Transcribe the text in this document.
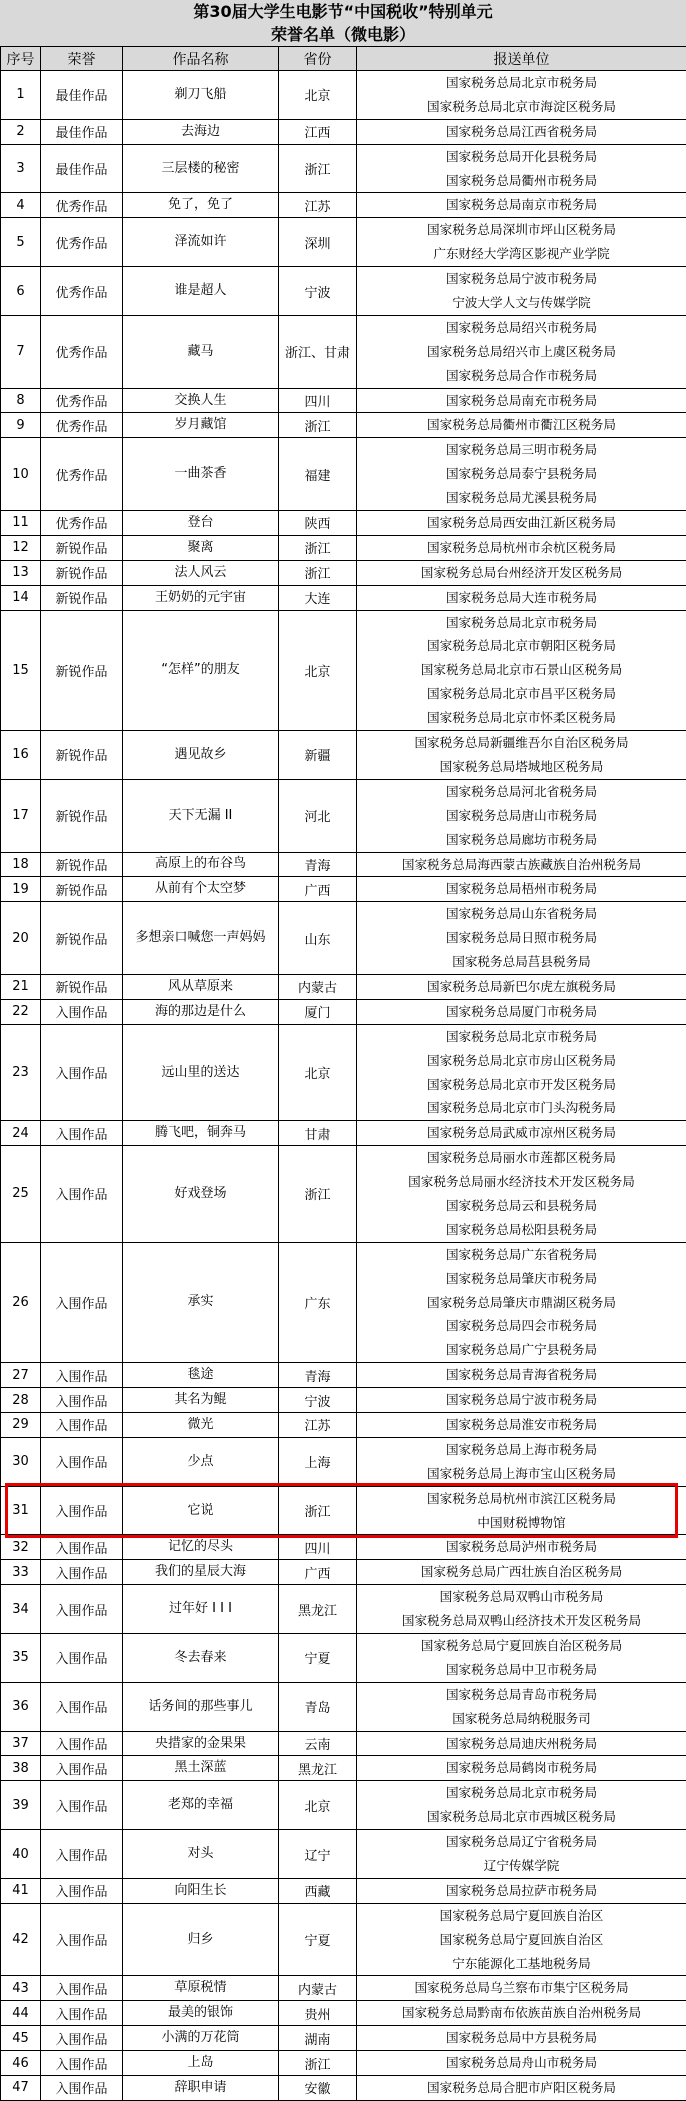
第30届大学生电影节“中国税收”特别单元
荣誉名单（微电影）
序号	荣誉	作品名称	省份	报送单位
1	最佳作品	剃刀飞船	北京	国家税务总局北京市税务局
国家税务总局北京市海淀区税务局

2	最佳作品	去海边	江西	国家税务总局江西省税务局

3	最佳作品	三层楼的秘密	浙江	国家税务总局开化县税务局
国家税务总局衢州市税务局

4	优秀作品	免了，免了	江苏	国家税务总局南京市税务局

5	优秀作品	泽流如许	深圳	国家税务总局深圳市坪山区税务局
广东财经大学湾区影视产业学院

6	优秀作品	谁是超人	宁波	国家税务总局宁波市税务局
宁波大学人文与传媒学院

7	优秀作品	藏马	浙江、甘肃	国家税务总局绍兴市税务局
国家税务总局绍兴市上虞区税务局
国家税务总局合作市税务局

8	优秀作品	交换人生	四川	国家税务总局南充市税务局

9	优秀作品	岁月藏馆	浙江	国家税务总局衢州市衢江区税务局

10	优秀作品	一曲茶香	福建	国家税务总局三明市税务局
国家税务总局泰宁县税务局
国家税务总局尤溪县税务局

11	优秀作品	登台	陕西	国家税务总局西安曲江新区税务局

12	新锐作品	聚离	浙江	国家税务总局杭州市余杭区税务局

13	新锐作品	法人风云	浙江	国家税务总局台州经济开发区税务局

14	新锐作品	王奶奶的元宇宙	大连	国家税务总局大连市税务局

15	新锐作品	“怎样”的朋友	北京	国家税务总局北京市税务局
国家税务总局北京市朝阳区税务局
国家税务总局北京市石景山区税务局
国家税务总局北京市昌平区税务局
国家税务总局北京市怀柔区税务局

16	新锐作品	遇见故乡	新疆	国家税务总局新疆维吾尔自治区税务局
国家税务总局塔城地区税务局

17	新锐作品	天下无漏 II	河北	国家税务总局河北省税务局
国家税务总局唐山市税务局
国家税务总局廊坊市税务局

18	新锐作品	高原上的布谷鸟	青海	国家税务总局海西蒙古族藏族自治州税务局

19	新锐作品	从前有个太空梦	广西	国家税务总局梧州市税务局

20	新锐作品	多想亲口喊您一声妈妈	山东	国家税务总局山东省税务局
国家税务总局日照市税务局
国家税务总局莒县税务局

21	新锐作品	风从草原来	内蒙古	国家税务总局新巴尔虎左旗税务局

22	入围作品	海的那边是什么	厦门	国家税务总局厦门市税务局

23	入围作品	远山里的送达	北京	国家税务总局北京市税务局
国家税务总局北京市房山区税务局
国家税务总局北京市开发区税务局
国家税务总局北京市门头沟税务局

24	入围作品	腾飞吧，铜奔马	甘肃	国家税务总局武威市凉州区税务局

25	入围作品	好戏登场	浙江	国家税务总局丽水市莲都区税务局
国家税务总局丽水经济技术开发区税务局
国家税务总局云和县税务局
国家税务总局松阳县税务局

26	入围作品	承实	广东	国家税务总局广东省税务局
国家税务总局肇庆市税务局
国家税务总局肇庆市鼎湖区税务局
国家税务总局四会市税务局
国家税务总局广宁县税务局

27	入围作品	毯途	青海	国家税务总局青海省税务局

28	入围作品	其名为鲲	宁波	国家税务总局宁波市税务局

29	入围作品	微光	江苏	国家税务总局淮安市税务局

30	入围作品	少点	上海	国家税务总局上海市税务局
国家税务总局上海市宝山区税务局

31	入围作品	它说	浙江	国家税务总局杭州市滨江区税务局
中国财税博物馆

32	入围作品	记忆的尽头	四川	国家税务总局泸州市税务局

33	入围作品	我们的星辰大海	广西	国家税务总局广西壮族自治区税务局

34	入围作品	过年好 I I I	黑龙江	国家税务总局双鸭山市税务局
国家税务总局双鸭山经济技术开发区税务局

35	入围作品	冬去春来	宁夏	国家税务总局宁夏回族自治区税务局
国家税务总局中卫市税务局

36	入围作品	话务间的那些事儿	青岛	国家税务总局青岛市税务局
国家税务总局纳税服务司

37	入围作品	央措家的金果果	云南	国家税务总局迪庆州税务局

38	入围作品	黑土深蓝	黑龙江	国家税务总局鹤岗市税务局

39	入围作品	老郑的幸福	北京	国家税务总局北京市税务局
国家税务总局北京市西城区税务局

40	入围作品	对头	辽宁	国家税务总局辽宁省税务局
辽宁传媒学院

41	入围作品	向阳生长	西藏	国家税务总局拉萨市税务局

42	入围作品	归乡	宁夏	国家税务总局宁夏回族自治区
国家税务总局宁夏回族自治区
宁东能源化工基地税务局

43	入围作品	草原税情	内蒙古	国家税务总局乌兰察布市集宁区税务局

44	入围作品	最美的银饰	贵州	国家税务总局黔南布依族苗族自治州税务局

45	入围作品	小满的万花筒	湖南	国家税务总局中方县税务局

46	入围作品	上岛	浙江	国家税务总局舟山市税务局

47	入围作品	辞职申请	安徽	国家税务总局合肥市庐阳区税务局
